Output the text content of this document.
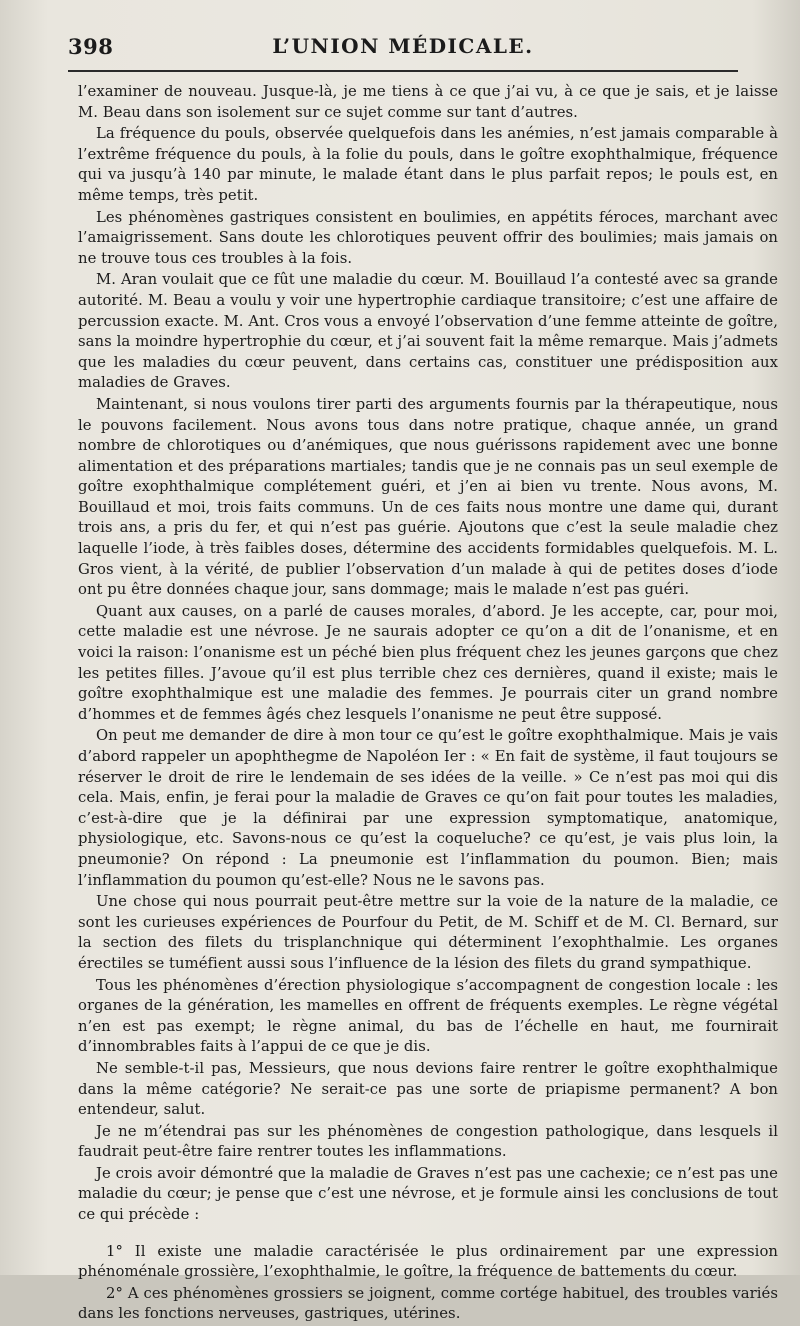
398	L’UNION MÉDICALE.

l’examiner de nouveau. Jusque-là, je me tiens à ce que j’ai vu, à ce que je sais, et je laisse M. Beau dans son isolement sur ce sujet comme sur tant d’autres.

La fréquence du pouls, observée quelquefois dans les anémies, n’est jamais comparable à l’extrême fréquence du pouls, à la folie du pouls, dans le goître exophthalmique, fréquence qui va jusqu’à 140 par minute, le malade étant dans le plus parfait repos; le pouls est, en même temps, très petit.

Les phénomènes gastriques consistent en boulimies, en appétits féroces, marchant avec l’amaigrissement. Sans doute les chlorotiques peuvent offrir des boulimies; mais jamais on ne trouve tous ces troubles à la fois.

M. Aran voulait que ce fût une maladie du cœur. M. Bouillaud l’a contesté avec sa grande autorité. M. Beau a voulu y voir une hypertrophie cardiaque transitoire; c’est une affaire de percussion exacte. M. Ant. Cros vous a envoyé l’observation d’une femme atteinte de goître, sans la moindre hypertrophie du cœur, et j’ai souvent fait la même remarque. Mais j’admets que les maladies du cœur peuvent, dans certains cas, constituer une prédisposition aux maladies de Graves.

Maintenant, si nous voulons tirer parti des arguments fournis par la thérapeutique, nous le pouvons facilement. Nous avons tous dans notre pratique, chaque année, un grand nombre de chlorotiques ou d’anémiques, que nous guérissons rapidement avec une bonne alimentation et des préparations martiales; tandis que je ne connais pas un seul exemple de goître exophthalmique complétement guéri, et j’en ai bien vu trente. Nous avons, M. Bouillaud et moi, trois faits communs. Un de ces faits nous montre une dame qui, durant trois ans, a pris du fer, et qui n’est pas guérie. Ajoutons que c’est la seule maladie chez laquelle l’iode, à très faibles doses, détermine des accidents formidables quelquefois. M. L. Gros vient, à la vérité, de publier l’observation d’un malade à qui de petites doses d’iode ont pu être données chaque jour, sans dommage; mais le malade n’est pas guéri.

Quant aux causes, on a parlé de causes morales, d’abord. Je les accepte, car, pour moi, cette maladie est une névrose. Je ne saurais adopter ce qu’on a dit de l’onanisme, et en voici la raison: l’onanisme est un péché bien plus fréquent chez les jeunes garçons que chez les petites filles. J’avoue qu’il est plus terrible chez ces dernières, quand il existe; mais le goître exophthalmique est une maladie des femmes. Je pourrais citer un grand nombre d’hommes et de femmes âgés chez lesquels l’onanisme ne peut être supposé.

On peut me demander de dire à mon tour ce qu’est le goître exophthalmique. Mais je vais d’abord rappeler un apophthegme de Napoléon Ier : « En fait de système, il faut toujours se réserver le droit de rire le lendemain de ses idées de la veille. » Ce n’est pas moi qui dis cela. Mais, enfin, je ferai pour la maladie de Graves ce qu’on fait pour toutes les maladies, c’est-à-dire que je la définirai par une expression symptomatique, anatomique, physiologique, etc. Savons-nous ce qu’est la coqueluche? ce qu’est, je vais plus loin, la pneumonie? On répond : La pneumonie est l’inflammation du poumon. Bien; mais l’inflammation du poumon qu’est-elle? Nous ne le savons pas.

Une chose qui nous pourrait peut-être mettre sur la voie de la nature de la maladie, ce sont les curieuses expériences de Pourfour du Petit, de M. Schiff et de M. Cl. Bernard, sur la section des filets du trisplanchnique qui déterminent l’exophthalmie. Les organes érectiles se tuméfient aussi sous l’influence de la lésion des filets du grand sympathique.

Tous les phénomènes d’érection physiologique s’accompagnent de congestion locale : les organes de la génération, les mamelles en offrent de fréquents exemples. Le règne végétal n’en est pas exempt; le règne animal, du bas de l’échelle en haut, me fournirait d’innombrables faits à l’appui de ce que je dis.

Ne semble-t-il pas, Messieurs, que nous devions faire rentrer le goître exophthalmique dans la même catégorie? Ne serait-ce pas une sorte de priapisme permanent? A bon entendeur, salut.

Je ne m’étendrai pas sur les phénomènes de congestion pathologique, dans lesquels il faudrait peut-être faire rentrer toutes les inflammations.

Je crois avoir démontré que la maladie de Graves n’est pas une cachexie; ce n’est pas une maladie du cœur; je pense que c’est une névrose, et je formule ainsi les conclusions de tout ce qui précède :

1° Il existe une maladie caractérisée le plus ordinairement par une expression phénoménale grossière, l’exophthalmie, le goître, la fréquence de battements du cœur.

2° A ces phénomènes grossiers se joignent, comme cortége habituel, des troubles variés dans les fonctions nerveuses, gastriques, utérines.
